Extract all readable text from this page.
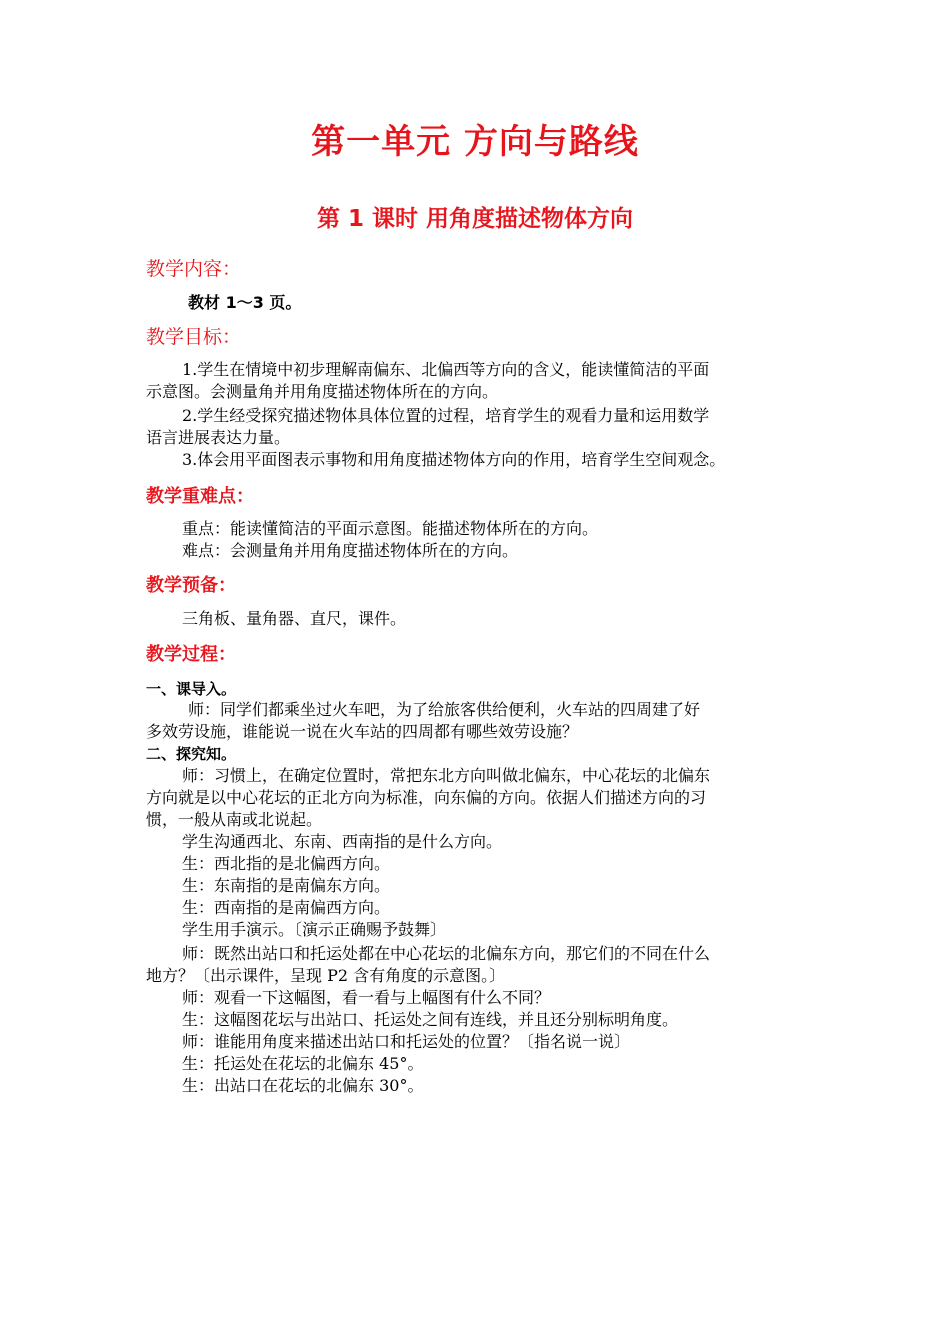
第一单元 方向与路线
第 1 课时 用角度描述物体方向
教学内容：
教材 1～3 页。
教学目标：
1.学生在情境中初步理解南偏东、北偏西等方向的含义，能读懂简洁的平面
示意图。会测量角并用角度描述物体所在的方向。
2.学生经受探究描述物体具体位置的过程，培育学生的观看力量和运用数学
语言进展表达力量。
3.体会用平面图表示事物和用角度描述物体方向的作用，培育学生空间观念。
教学重难点：
重点：能读懂简洁的平面示意图。能描述物体所在的方向。
难点：会测量角并用角度描述物体所在的方向。
教学预备：
三角板、量角器、直尺，课件。
教学过程：
一、课导入。
师：同学们都乘坐过火车吧，为了给旅客供给便利，火车站的四周建了好
多效劳设施，谁能说一说在火车站的四周都有哪些效劳设施？
二、探究知。
师：习惯上，在确定位置时，常把东北方向叫做北偏东，中心花坛的北偏东
方向就是以中心花坛的正北方向为标准，向东偏的方向。依据人们描述方向的习
惯，一般从南或北说起。
学生沟通西北、东南、西南指的是什么方向。
生：西北指的是北偏西方向。
生：东南指的是南偏东方向。
生：西南指的是南偏西方向。
学生用手演示。〔演示正确赐予鼓舞〕
师：既然出站口和托运处都在中心花坛的北偏东方向，那它们的不同在什么
地方？〔出示课件，呈现 P2 含有角度的示意图。〕
师：观看一下这幅图，看一看与上幅图有什么不同？
生：这幅图花坛与出站口、托运处之间有连线，并且还分别标明角度。
师：谁能用角度来描述出站口和托运处的位置？〔指名说一说〕
生：托运处在花坛的北偏东 45°。
生：出站口在花坛的北偏东 30°。
